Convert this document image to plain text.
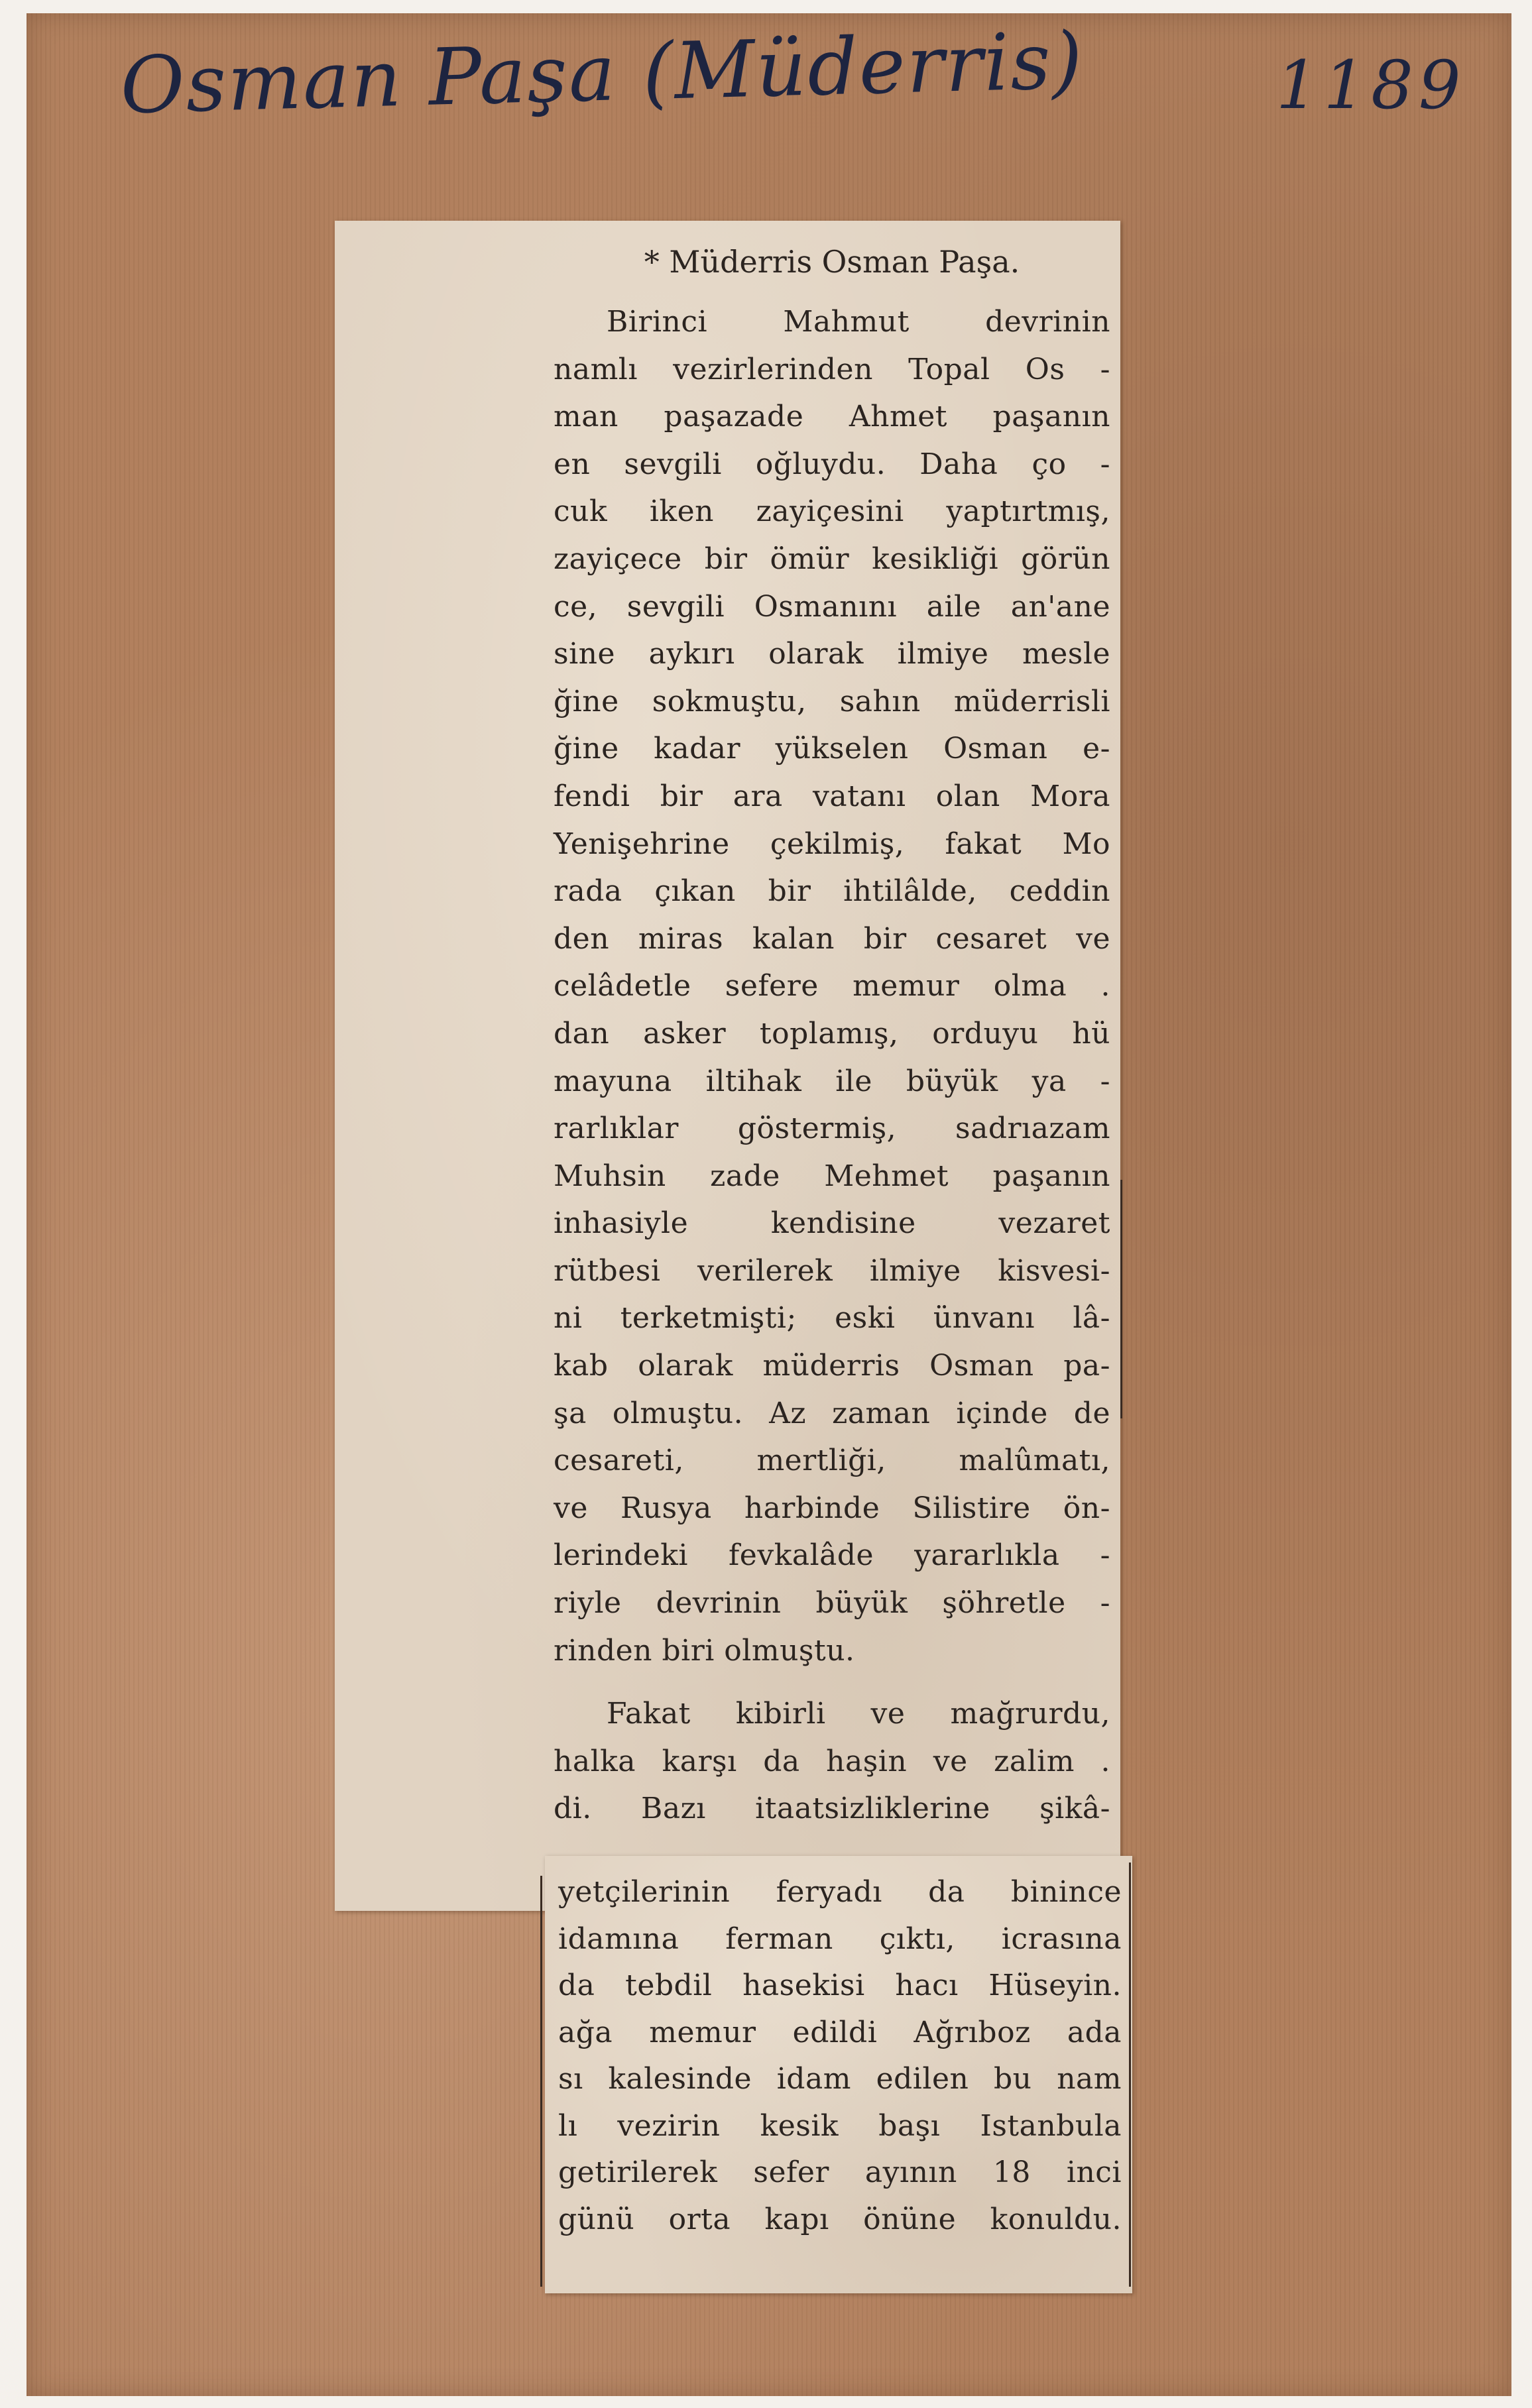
Osman Paşa (Müderris)	1189
* Müderris Osman Paşa.
Birinci Mahmut devrinin
namlı vezirlerinden Topal Os -
man paşazade Ahmet paşanın
en sevgili oğluydu. Daha ço -
cuk iken zayiçesini yaptırtmış,
zayiçece bir ömür kesikliği görün
ce, sevgili Osmanını aile an'ane
sine aykırı olarak ilmiye mesle
ğine sokmuştu, sahın müderrisli
ğine kadar yükselen Osman e-
fendi bir ara vatanı olan Mora
Yenişehrine çekilmiş, fakat Mo
rada çıkan bir ihtilâlde, ceddin
den miras kalan bir cesaret ve
celâdetle sefere memur olma .
dan asker toplamış, orduyu hü
mayuna iltihak ile büyük ya -
rarlıklar göstermiş, sadrıazam
Muhsin zade Mehmet paşanın
inhasiyle kendisine vezaret
rütbesi verilerek ilmiye kisvesi-
ni terketmişti; eski ünvanı lâ-
kab olarak müderris Osman pa-
şa olmuştu. Az zaman içinde de
cesareti, mertliği, malûmatı,
ve Rusya harbinde Silistire ön-
lerindeki fevkalâde yararlıkla -
riyle devrinin büyük şöhretle -
rinden biri olmuştu.
Fakat kibirli ve mağrurdu,
halka karşı da haşin ve zalim .
di. Bazı itaatsizliklerine şikâ-
yetçilerinin feryadı da binince
idamına ferman çıktı, icrasına
da tebdil hasekisi hacı Hüseyin.
ağa memur edildi Ağrıboz ada
sı kalesinde idam edilen bu nam
lı vezirin kesik başı Istanbula
getirilerek sefer ayının 18 inci
günü orta kapı önüne konuldu.
